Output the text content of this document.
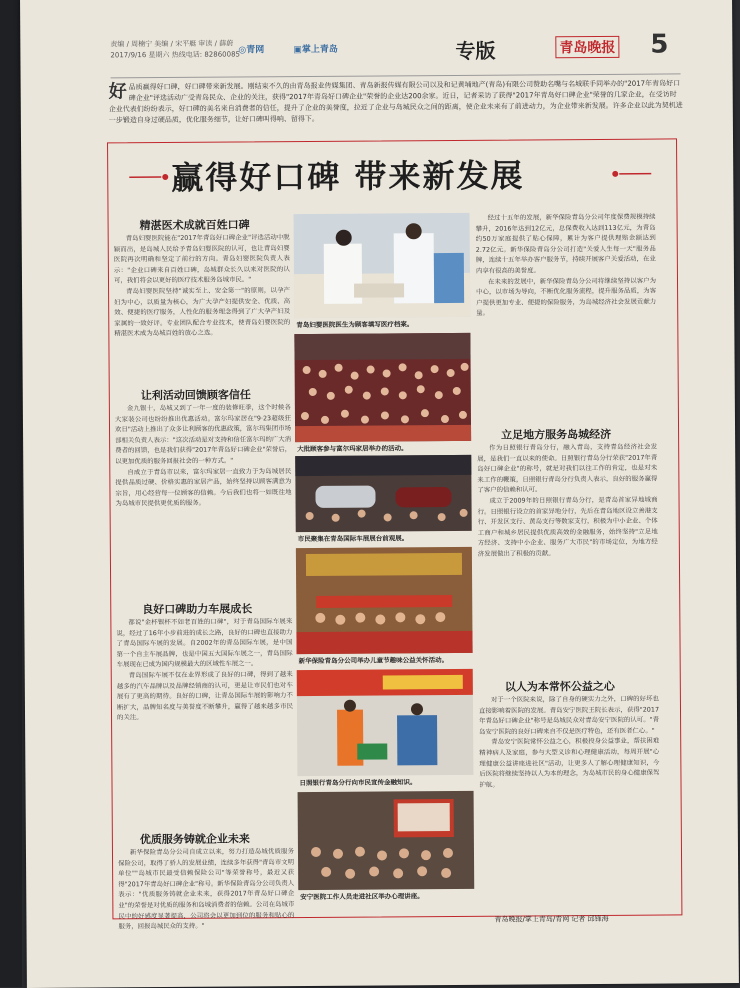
责编 / 周楠宁 美编 / 宋平艇 审读 / 薛蔚
2017/9/16 星期六 热线电话: 82860085
◎青网	▣掌上青岛	专版	青岛晚报 5
好品质赢得好口碑，好口碑带来新发展。刚结束不久的由青岛报业传媒集团、青岛新报传媒有限公司以及和记黄埔地产(青岛)有限公司赞助名嘴与名城联手同举办的"2017年青岛好口碑企业"评选活动广受青岛民众、企业的关注，获得"2017年青岛好口碑企业"荣誉的企业达200余家。近日，记者采访了获得"2017年青岛好口碑企业"荣誉的几家企业，在受访时企业代表们纷纷表示，好口碑的美名来自消费者的信任，提升了企业的美誉度，拉近了企业与岛城民众之间的距离，使企业未来有了前进动力，为企业带来新发展。许多企业以此为契机进一步锻造自身过硬品质，优化服务细节，让好口碑叫得响、留得下。
赢得好口碑 带来新发展
精湛医术成就百姓口碑

青岛妇婴医院能在"2017年青岛好口碑企业"评选活动中脱颖而出，是岛城人民给予青岛妇婴医院的认可，也让青岛妇婴医院再次明确和坚定了前行的方向。青岛妇婴医院负责人表示："企业口碑来自百姓口碑，岛城群众长久以来对医院的认可，我们将会以更好的医疗技术服务岛城市民。"

青岛妇婴医院坚持"诚实至上、安全第一"的原则，以孕产妇为中心，以质量为核心，为广大孕产妇提供安全、优质、高效、便捷的医疗服务，人性化的服务理念得到了广大孕产妇及家属的一致好评。专业团队配合专业技术，使青岛妇婴医院的精湛医术成为岛城百姓的放心之选。

让利活动回馈顾客信任

金九银十，岛城又到了一年一度的装修旺季，这个时候各大家装公司也纷纷推出优惠活动。富尔玛家居在"9·23超级狂欢日"活动上推出了众多让利顾客的优惠政策，富尔玛集团市场部相关负责人表示："这次活动是对支持和信任富尔玛的广大消费者的回馈，也是我们获得"2017年青岛好口碑企业"荣誉后，以更加优质的服务回报社会的一种方式。"

自成立于青岛市以来，富尔玛家居一直致力于为岛城居民提供品质过硬、价格实惠的家居产品，始终坚持以顾客满意为宗旨，用心经营每一位顾客的信赖。今后我们也将一如既往地为岛城市民提供更优质的服务。

良好口碑助力车展成长

都说"金杯银杯不如老百姓的口碑"，对于青岛国际车展来说，经过了16年小步前进的成长之路，良好的口碑也直接助力了青岛国际车展的发展。自2002年的青岛国际车展，是中国第一个自主车展品牌，也是中国五大国际车展之一，青岛国际车展现在已成为国内规模最大的区域性车展之一。

青岛国际车展不仅在业界形成了良好的口碑，得到了越来越多的汽车品牌以及品牌经销商的认可，更是让市民们也对车展有了更高的期待。良好的口碑，让青岛国际车展的影响力不断扩大，品牌知名度与美誉度不断攀升，赢得了越来越多市民的关注。

优质服务铸就企业未来

新华保险青岛分公司自成立以来，努力打造岛城优质服务保险公司，取得了骄人的发展业绩，连续多年获得"青岛市文明单位""岛城市民最受信赖保险公司"等荣誉称号，最近又获得"2017年青岛好口碑企业"称号。新华保险青岛分公司负责人表示："优质服务铸就企业未来，获得2017年青岛好口碑企业"的荣誉是对优质的服务和岛城消费者的信赖。公司在岛城市民中的好感度显著提高，公司将会以更加到位的服务和贴心的服务，回报岛城民众的支持。"

青岛妇婴医院医生为顾客填写医疗档案。
大批顾客参与富尔玛家居举办的活动。
市民聚集在青岛国际车展展台前观展。
新华保险青岛分公司举办儿童节趣味公益关怀活动。
日照银行青岛分行向市民宣传金融知识。
安宁医院工作人员走进社区举办心理讲座。

经过十五年的发展，新华保险青岛分公司年度保费规模持续攀升，2016年达到12亿元，总保费收入达到113亿元，为青岛约50万家庭提供了贴心保障，累计为客户提供理赔金额达到2.72亿元。新华保险青岛分公司打造"关爱人生每一天"服务品牌，连续十五年举办客户服务节，持续开展客户关爱活动，在业内享有很高的美誉度。

在未来的发展中，新华保险青岛分公司将继续坚持以客户为中心，以市场为导向，不断优化服务流程，提升服务品质，为客户提供更加专业、便捷的保险服务，为岛城经济社会发展贡献力量。

立足地方服务岛城经济

作为日照银行青岛分行，融入青岛，支持青岛经济社会发展，是我们一直以来的使命。日照银行青岛分行荣获"2017年青岛好口碑企业"的称号，就是对我们以往工作的肯定，也是对未来工作的鞭策，日照银行青岛分行负责人表示，良好的服务赢得了客户的信赖和认可。

成立于2009年的日照银行青岛分行，是青岛首家异地城商行。日照银行设立的首家异地分行，先后在青岛地区设立善港支行、开发区支行、黄岛支行等数家支行，积极为中小企业、个体工商户和城乡居民提供优质高效的金融服务，始终坚持"立足地方经济、支持中小企业、服务广大市民"的市场定位，为地方经济发展做出了积极的贡献。

以人为本常怀公益之心

对于一个医院来说，除了自身的硬实力之外，口碑的好坏也直接影响着医院的发展。青岛安宁医院王院长表示，获得"2017年青岛好口碑企业"称号是岛城民众对青岛安宁医院的认可。"青岛安宁医院的良好口碑来自不仅是医疗特色，还有医者仁心。"

青岛安宁医院常怀公益之心，积极投身公益事业，帮扶困难精神病人及家庭，参与大型义诊和心理健康活动，每周开展"心理健康公益讲座进社区"活动，让更多人了解心理健康知识，今后医院将继续坚持以人为本的理念，为岛城市民的身心健康保驾护航。

青岛晚报/掌上青岛/青网 记者 邱锋海
